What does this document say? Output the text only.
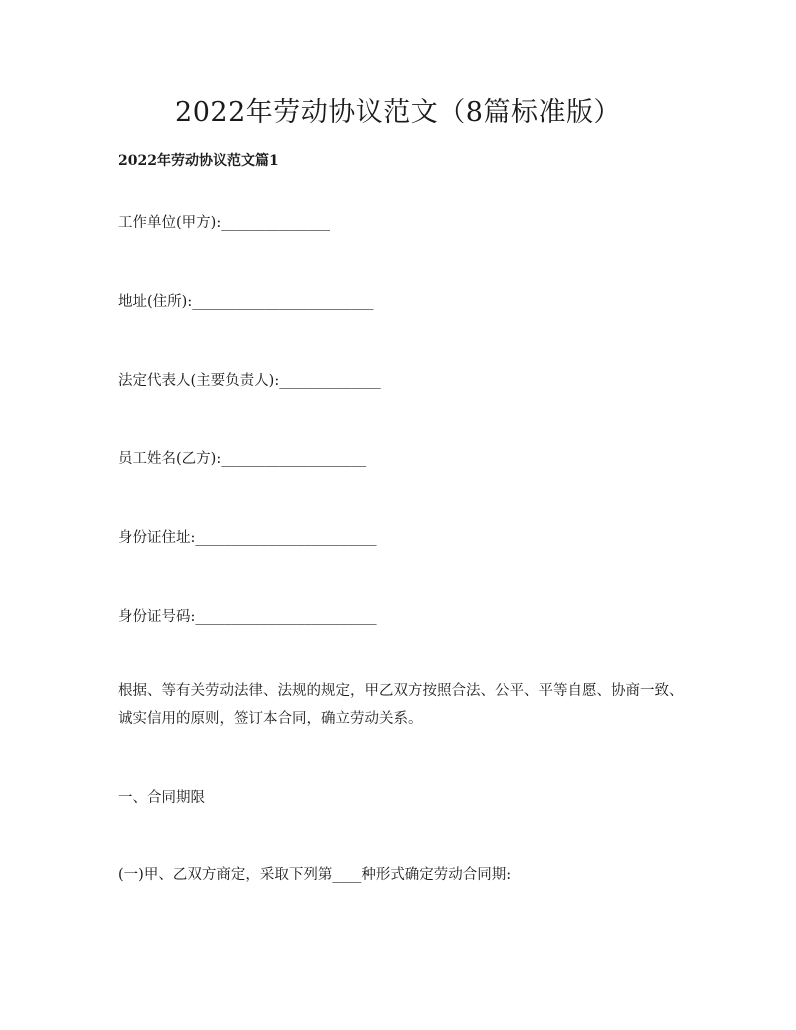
2022年劳动协议范文（8篇标准版）

2022年劳动协议范文篇1

工作单位(甲方):_______________

地址(住所):_________________________

法定代表人(主要负责人):______________

员工姓名(乙方):____________________

身份证住址:_________________________

身份证号码:_________________________

根据、等有关劳动法律、法规的规定，甲乙双方按照合法、公平、平等自愿、协商一致、诚实信用的原则，签订本合同，确立劳动关系。

一、合同期限

(一)甲、乙双方商定，采取下列第____种形式确定劳动合同期:
